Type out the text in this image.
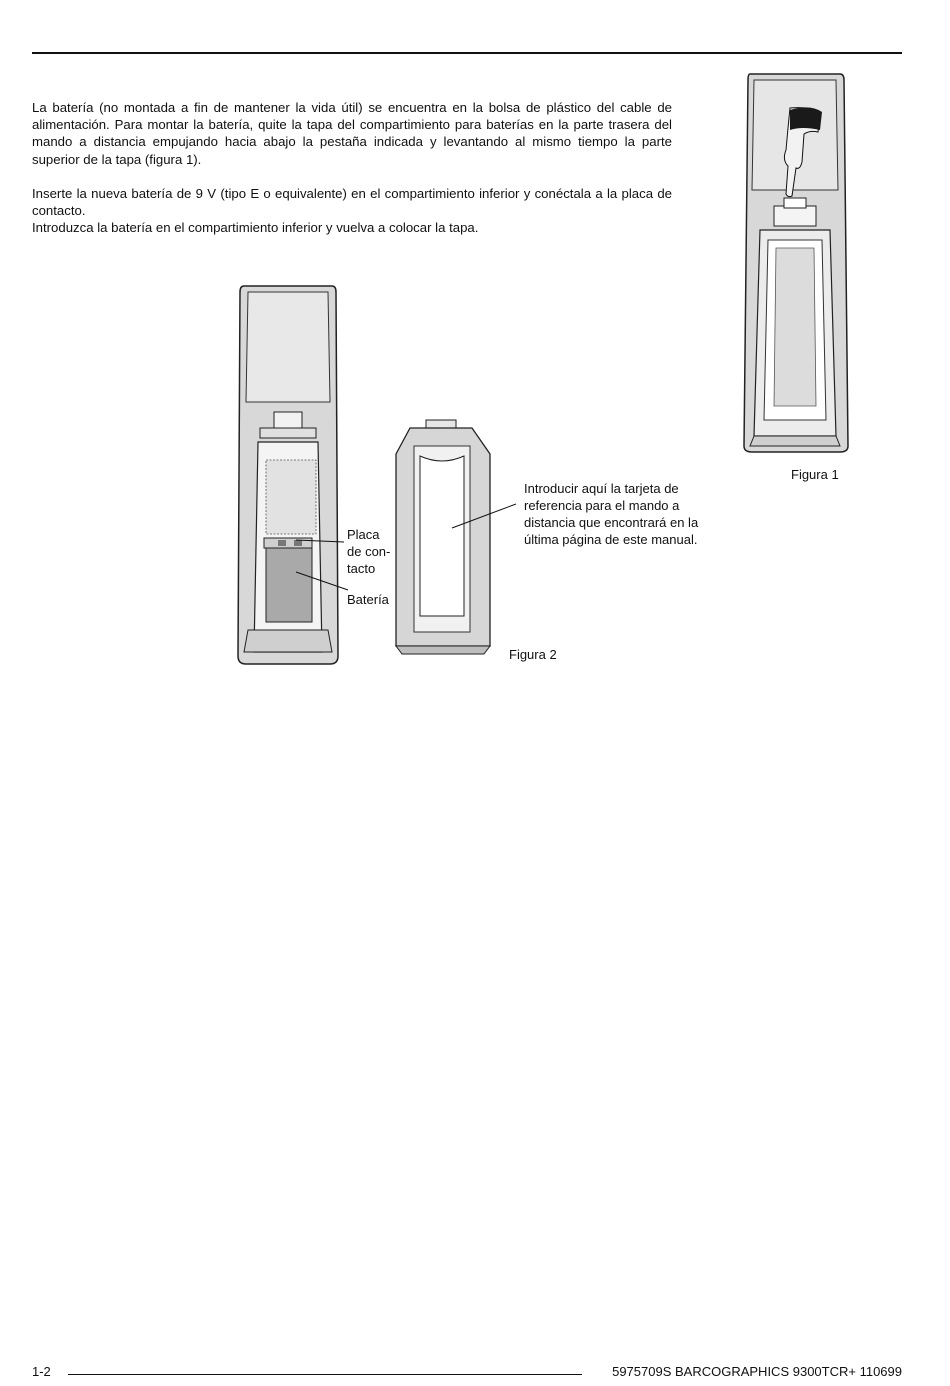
La batería (no montada a fin de mantener la vida útil) se encuentra en la bolsa de plástico del cable de alimentación. Para montar la batería, quite la tapa del compartimiento para baterías en la parte trasera del mando a distancia empujando hacia abajo la pestaña indicada y levantando al mismo tiempo la parte superior de la tapa (figura 1).

Inserte la nueva batería de 9 V (tipo E o equivalente) en el compartimiento inferior y conéctala a la placa de contacto.

Introduzca la batería en el compartimiento inferior y vuelva a colocar la tapa.

Figura 1
Placa
de con-
tacto
Batería
Introducir aquí la tarjeta de
referencia para el mando a
distancia que encontrará en la
última página de este manual.
Figura 2
1-2	5975709S BARCOGRAPHICS 9300TCR+ 110699
